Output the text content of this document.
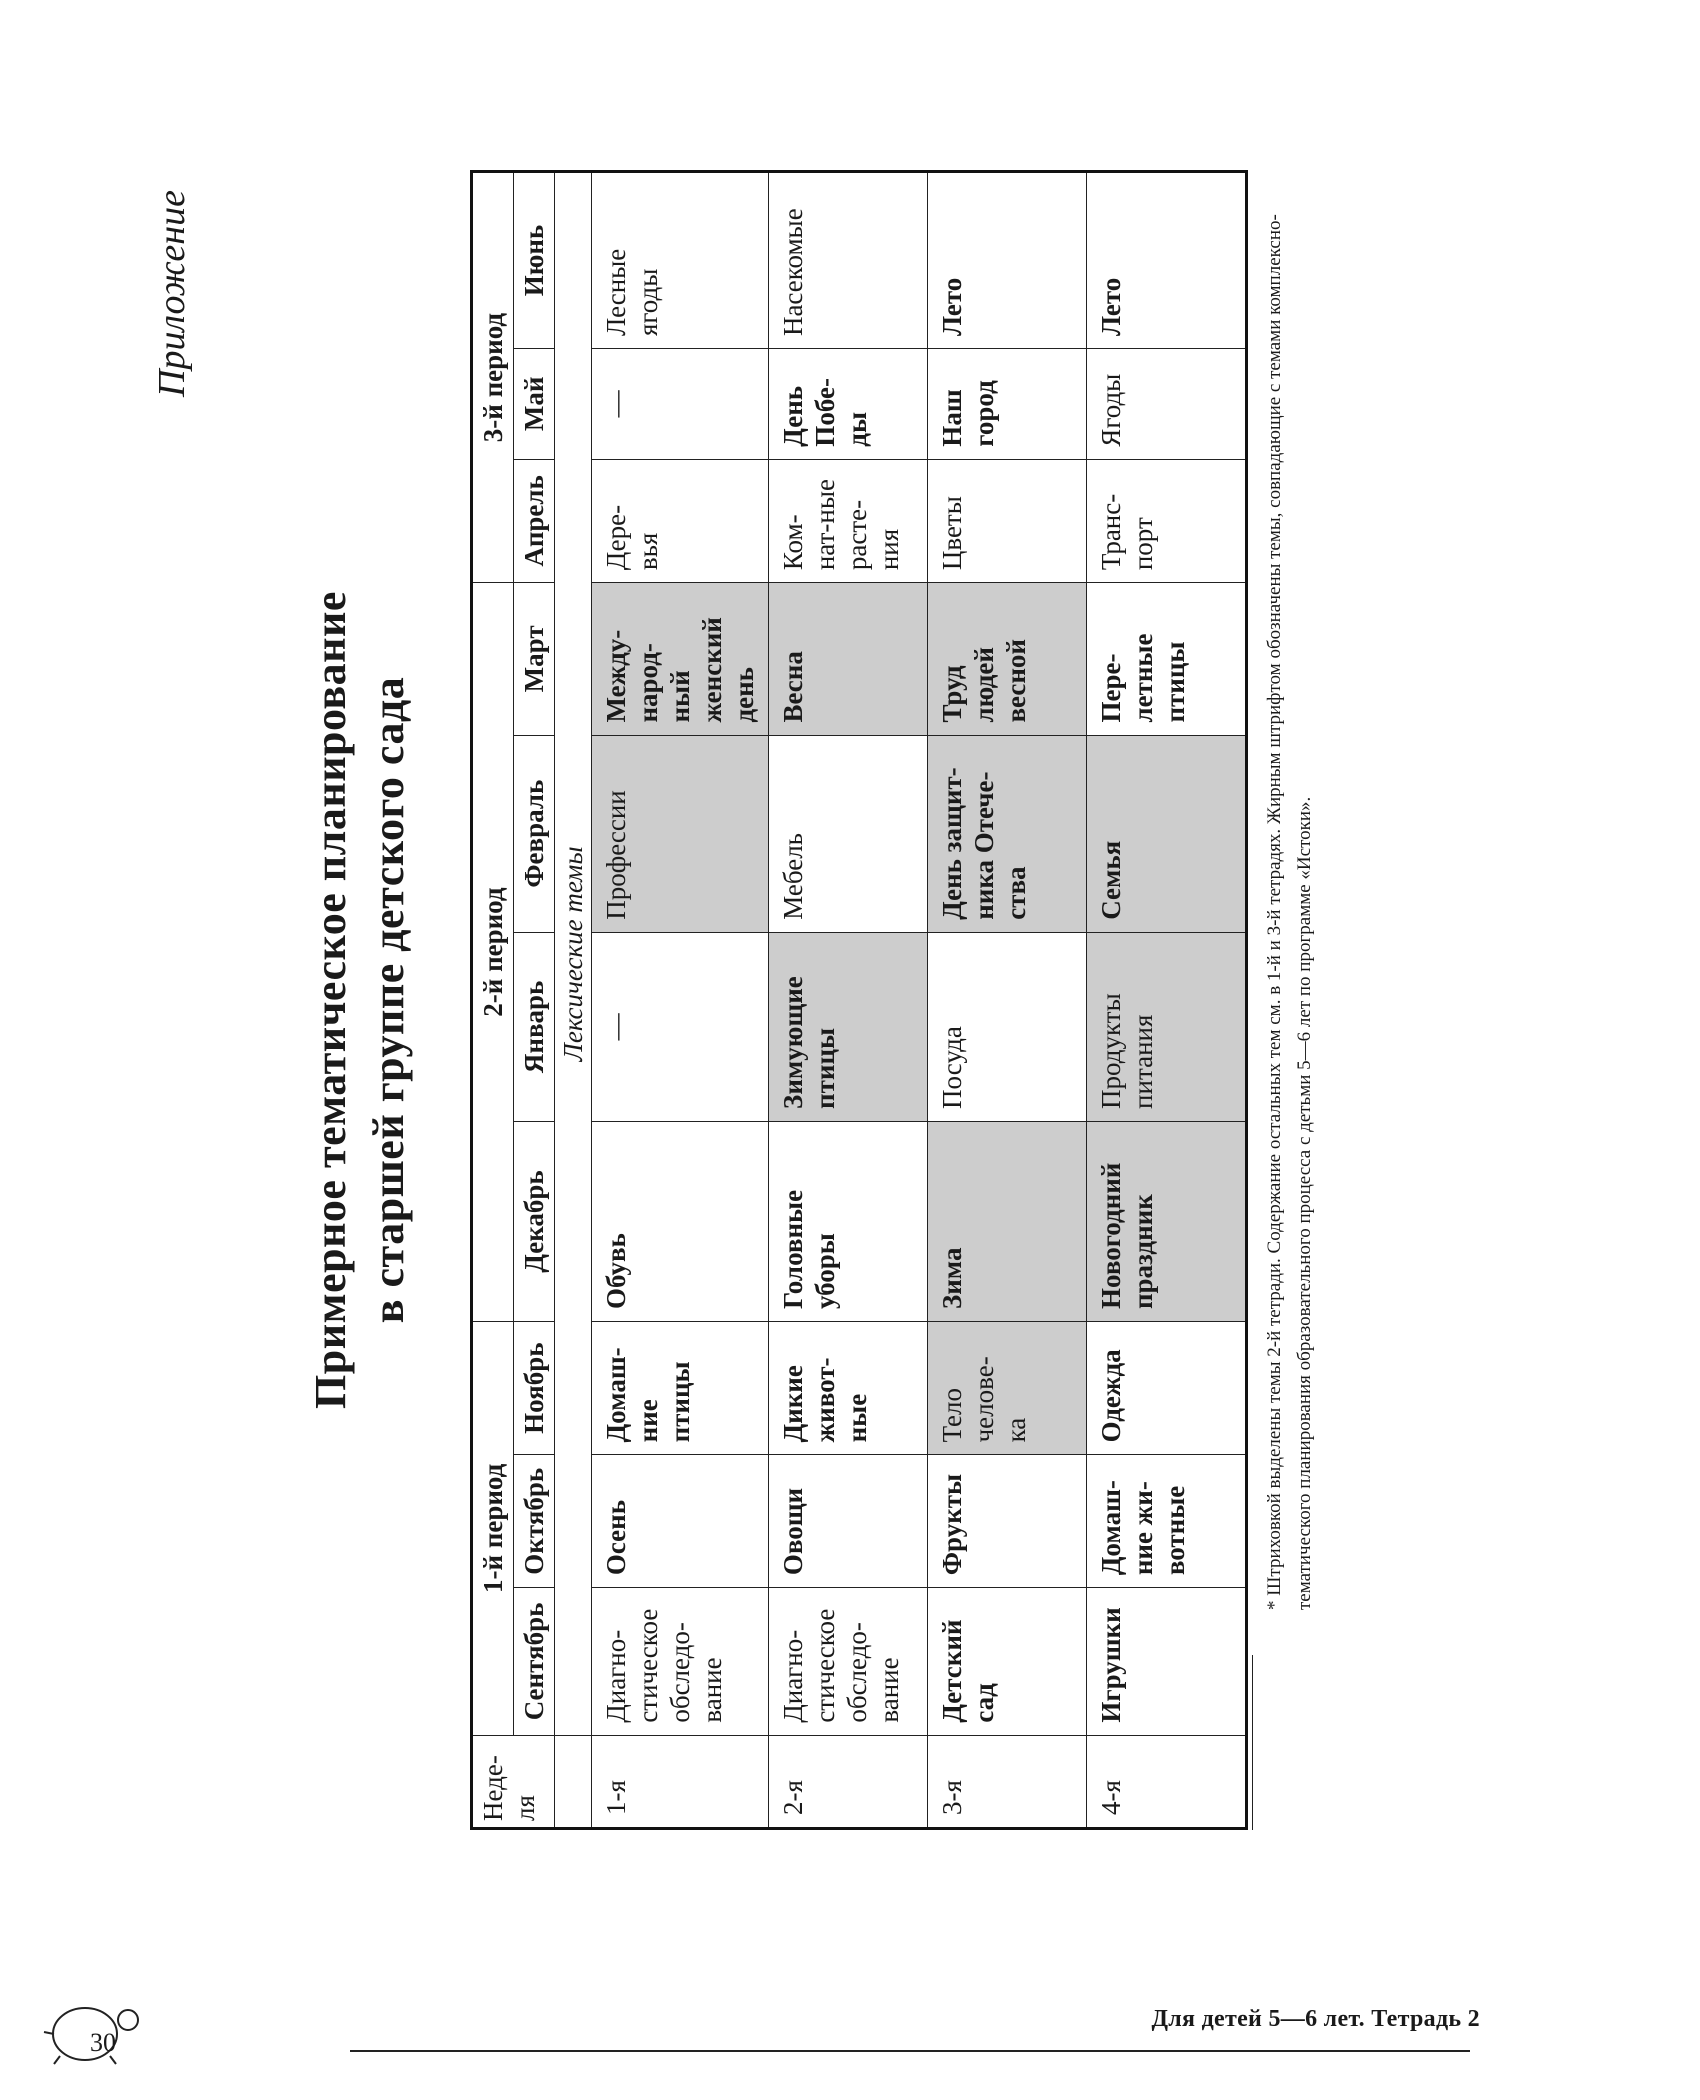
Приложение
Примерное тематическое планирование в старшей группе детского сада
Неде-ля	1-й период			2-й период				3-й период		
	Сентябрь	Октябрь	Ноябрь	Декабрь	Январь	Февраль	Март	Апрель	Май	Июнь
	Лексические темы									
1-я	Диагно-стическое обследо-вание	Осень	Домаш-ние птицы	Обувь	—	Профессии	Между-народ-ный женский день	Дере-вья	—	Лесные ягоды
2-я	Диагно-стическое обследо-вание	Овощи	Дикие живот-ные	Головные уборы	Зимующие птицы	Мебель	Весна	Ком-нат-ные расте-ния	День Побе-ды	Насекомые
3-я	Детский сад	Фрукты	Тело челове-ка	Зима	Посуда	День защит-ника Отече-ства	Труд людей весной	Цветы	Наш город	Лето
4-я	Игрушки	Домаш-ние жи-вотные	Одежда	Новогодний праздник	Продукты питания	Семья	Пере-летные птицы	Транс-порт	Ягоды	Лето	* Штриховкой выделены темы 2-й тетради. Содержание остальных тем см. в 1-й и 3-й тетрадях. Жирным штрифтом обозначены темы, совпадающие с темами комплексно-тематического планирования образовательного процесса с детьми 5—6 лет по программе «Истоки».
30
Для детей 5—6 лет. Тетрадь 2
